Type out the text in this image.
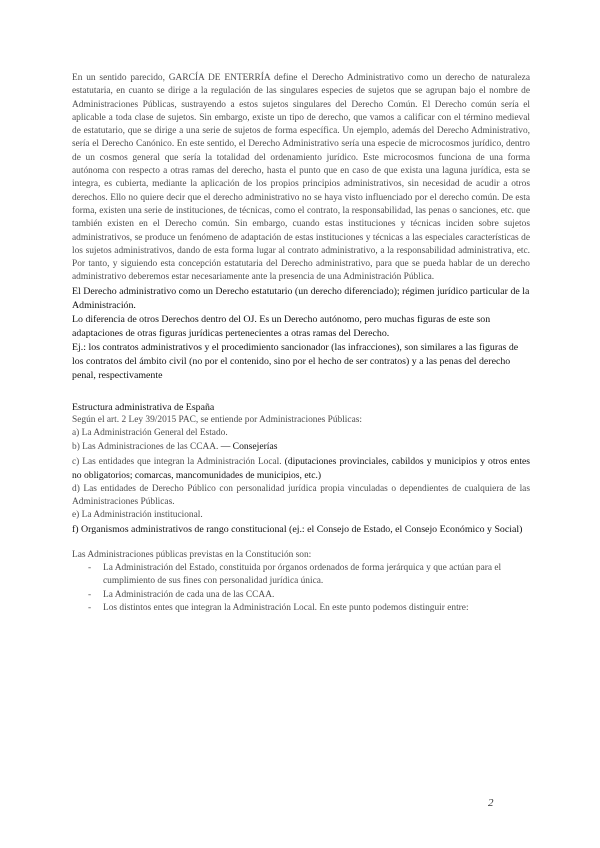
En un sentido parecido, GARCÍA DE ENTERRÍA define el Derecho Administrativo como un derecho de naturaleza estatutaria, en cuanto se dirige a la regulación de las singulares especies de sujetos que se agrupan bajo el nombre de Administraciones Públicas, sustrayendo a estos sujetos singulares del Derecho Común. El Derecho común sería el aplicable a toda clase de sujetos. Sin embargo, existe un tipo de derecho, que vamos a calificar con el término medieval de estatutario, que se dirige a una serie de sujetos de forma específica. Un ejemplo, además del Derecho Administrativo, sería el Derecho Canónico. En este sentido, el Derecho Administrativo sería una especie de microcosmos jurídico, dentro de un cosmos general que sería la totalidad del ordenamiento jurídico. Este microcosmos funciona de una forma autónoma con respecto a otras ramas del derecho, hasta el punto que en caso de que exista una laguna jurídica, esta se integra, es cubierta, mediante la aplicación de los propios principios administrativos, sin necesidad de acudir a otros derechos. Ello no quiere decir que el derecho administrativo no se haya visto influenciado por el derecho común. De esta forma, existen una serie de instituciones, de técnicas, como el contrato, la responsabilidad, las penas o sanciones, etc. que también existen en el Derecho común. Sin embargo, cuando estas instituciones y técnicas inciden sobre sujetos administrativos, se produce un fenómeno de adaptación de estas instituciones y técnicas a las especiales características de los sujetos administrativos, dando de esta forma lugar al contrato administrativo, a la responsabilidad administrativa, etc. Por tanto, y siguiendo esta concepción estatutaria del Derecho administrativo, para que se pueda hablar de un derecho administrativo deberemos estar necesariamente ante la presencia de una Administración Pública.

El Derecho administrativo como un Derecho estatutario (un derecho diferenciado); régimen jurídico particular de la Administración.

Lo diferencia de otros Derechos dentro del OJ. Es un Derecho autónomo, pero muchas figuras de este son adaptaciones de otras figuras jurídicas pertenecientes a otras ramas del Derecho.

Ej.: los contratos administrativos y el procedimiento sancionador (las infracciones), son similares a las figuras de los contratos del ámbito civil (no por el contenido, sino por el hecho de ser contratos) y a las penas del derecho penal, respectivamente

Estructura administrativa de España

Según el art. 2 Ley 39/2015 PAC, se entiende por Administraciones Públicas:

a) La Administración General del Estado.

b) Las Administraciones de las CCAA. — Consejerías

c) Las entidades que integran la Administración Local. (diputaciones provinciales, cabildos y municipios y otros entes no obligatorios; comarcas, mancomunidades de municipios, etc.)

d) Las entidades de Derecho Público con personalidad jurídica propia vinculadas o dependientes de cualquiera de las Administraciones Públicas.

e) La Administración institucional.

f) Organismos administrativos de rango constitucional (ej.: el Consejo de Estado, el Consejo Económico y Social)

Las Administraciones públicas previstas en la Constitución son:

- La Administración del Estado, constituida por órganos ordenados de forma jerárquica y que actúan para el cumplimiento de sus fines con personalidad jurídica única.
- La Administración de cada una de las CCAA.
- Los distintos entes que integran la Administración Local. En este punto podemos distinguir entre:
2
